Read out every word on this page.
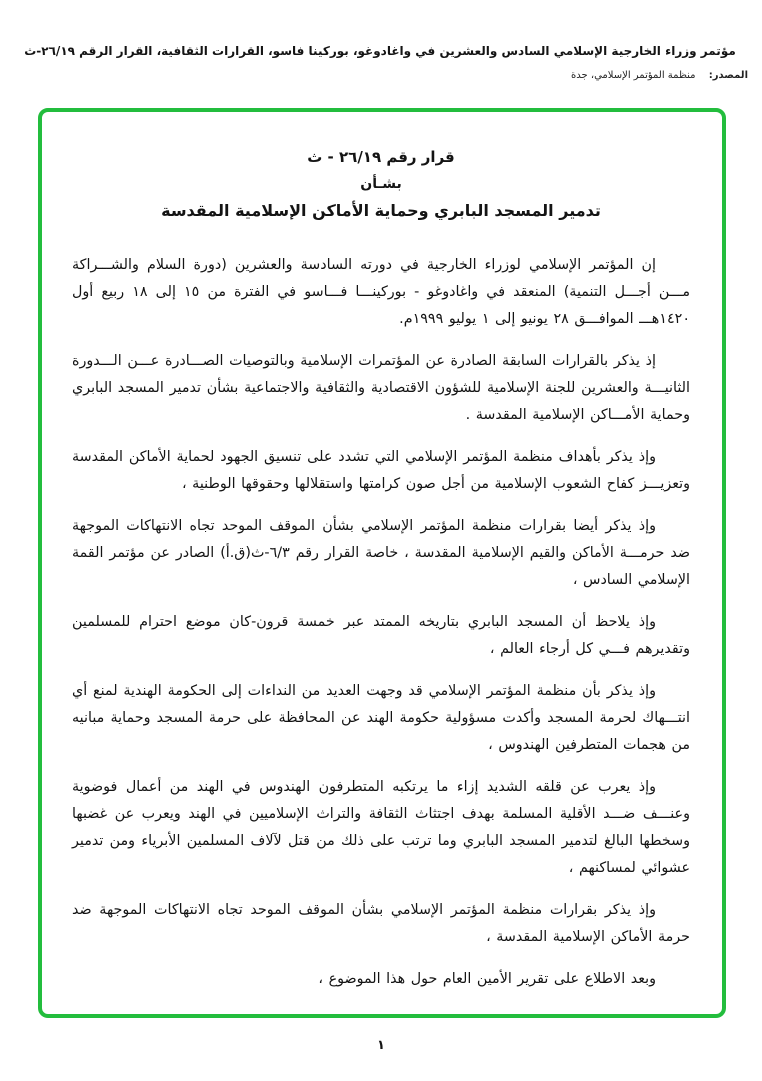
مؤتمر وزراء الخارجية الإسلامي السادس والعشرين في واغادوغو، بوركينا فاسو، القرارات الثقافية، القرار الرقم ٢٦/١٩-ث
المصدر: منظمة المؤتمر الإسلامي، جدة
قرار رقم ٢٦/١٩ - ث
بشـأن
تدمير المسجد البابري وحماية الأماكن الإسلامية المقدسة

إن المؤتمر الإسلامي لوزراء الخارجية في دورته السادسة والعشرين (دورة السلام والشـــراكة مـــن أجـــل التنمية) المنعقد في واغادوغو - بوركينـــا فـــاسو في الفترة من ١٥ إلى ١٨ ربيع أول ١٤٢٠هـــ الموافـــق ٢٨ يونيو إلى ١ يوليو ١٩٩٩م.

إذ يذكر بالقرارات السابقة الصادرة عن المؤتمرات الإسلامية وبالتوصيات الصـــادرة عـــن الـــدورة الثانيـــة والعشرين للجنة الإسلامية للشؤون الاقتصادية والثقافية والاجتماعية بشأن تدمير المسجد البابري وحماية الأمـــاكن الإسلامية المقدسة .

وإذ يذكر بأهداف منظمة المؤتمر الإسلامي التي تشدد على تنسيق الجهود لحماية الأماكن المقدسة وتعزيـــز كفاح الشعوب الإسلامية من أجل صون كرامتها واستقلالها وحقوقها الوطنية ،

وإذ يذكر أيضا بقرارات منظمة المؤتمر الإسلامي بشأن الموقف الموحد تجاه الانتهاكات الموجهة ضد حرمـــة الأماكن والقيم الإسلامية المقدسة ، خاصة القرار رقم ٦/٣-ث(ق.أ) الصادر عن مؤتمر القمة الإسلامي السادس ،

وإذ يلاحظ أن المسجد البابري بتاريخه الممتد عبر خمسة قرون-كان موضع احترام للمسلمين وتقديرهم فـــي كل أرجاء العالم ،

وإذ يذكر بأن منظمة المؤتمر الإسلامي قد وجهت العديد من النداءات إلى الحكومة الهندية لمنع أي انتـــهاك لحرمة المسجد وأكدت مسؤولية حكومة الهند عن المحافظة على حرمة المسجد وحماية مبانيه من هجمات المتطرفين الهندوس ،

وإذ يعرب عن قلقه الشديد إزاء ما يرتكبه المتطرفون الهندوس في الهند من أعمال فوضوية وعنـــف ضـــد الأقلية المسلمة بهدف اجتثاث الثقافة والتراث الإسلاميين في الهند ويعرب عن غضبها وسخطها البالغ لتدمير المسجد البابري وما ترتب على ذلك من قتل لآلاف المسلمين الأبرياء ومن تدمير عشوائي لمساكنهم ،

وإذ يذكر بقرارات منظمة المؤتمر الإسلامي بشأن الموقف الموحد تجاه الانتهاكات الموجهة ضد حرمة الأماكن الإسلامية المقدسة ،

وبعد الاطلاع على تقرير الأمين العام حول هذا الموضوع ،

١
